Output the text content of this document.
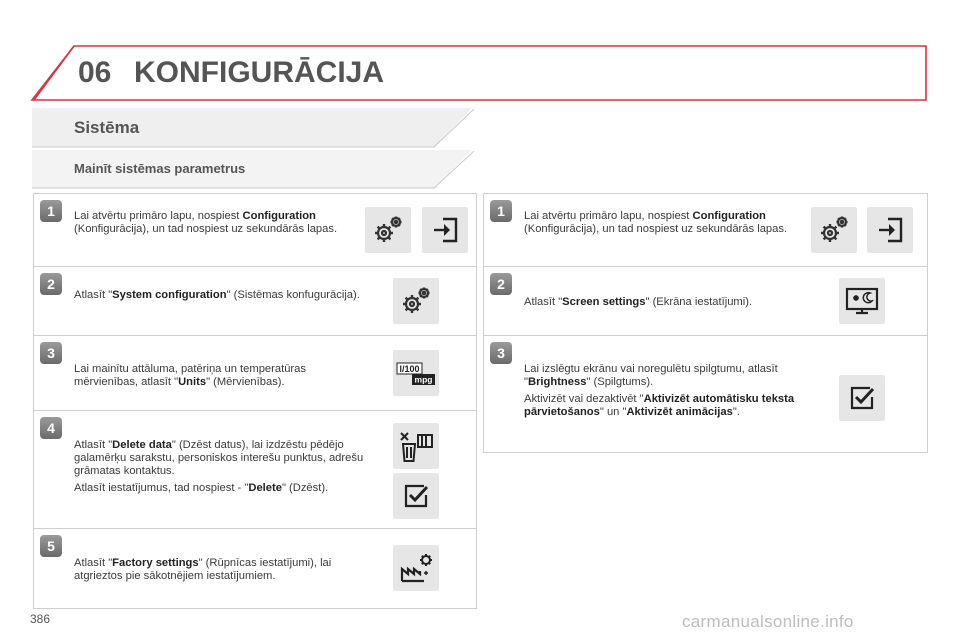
06 KONFIGURĀCIJA
Sistēma
Mainīt sistēmas parametrus
1	Lai atvērtu primāro lapu, nospiest Configuration (Konfigurācija), un tad nospiest uz sekundārās lapas.

2

Atlasīt "System configuration" (Sistēmas konfugurācija).

3

Lai mainītu attāluma, patēriņa un temperatūras mērvienības, atlasīt "Units" (Mērvienības).

l/100
mpg
4

Atlasīt "Delete data" (Dzēst datus), lai izdzēstu pēdējo galamērķu sarakstu, personiskos interešu punktus, adrešu grāmatas kontaktus.

Atlasīt iestatījumus, tad nospiest - "Delete" (Dzēst).

5

Atlasīt "Factory settings" (Rūpnīcas iestatījumi), lai atgrieztos pie sākotnējiem iestatījumiem.

1	Lai atvērtu primāro lapu, nospiest Configuration (Konfigurācija), un tad nospiest uz sekundārās lapas.

2

Atlasīt "Screen settings" (Ekrāna iestatījumi).

3

Lai izslēgtu ekrānu vai noregulētu spilgtumu, atlasīt "Brightness" (Spilgtums).

Aktivizēt vai dezaktivēt "Aktivizēt automātisku teksta pārvietošanos" un "Aktivizēt animācijas".

386	carmanualsonline.info
